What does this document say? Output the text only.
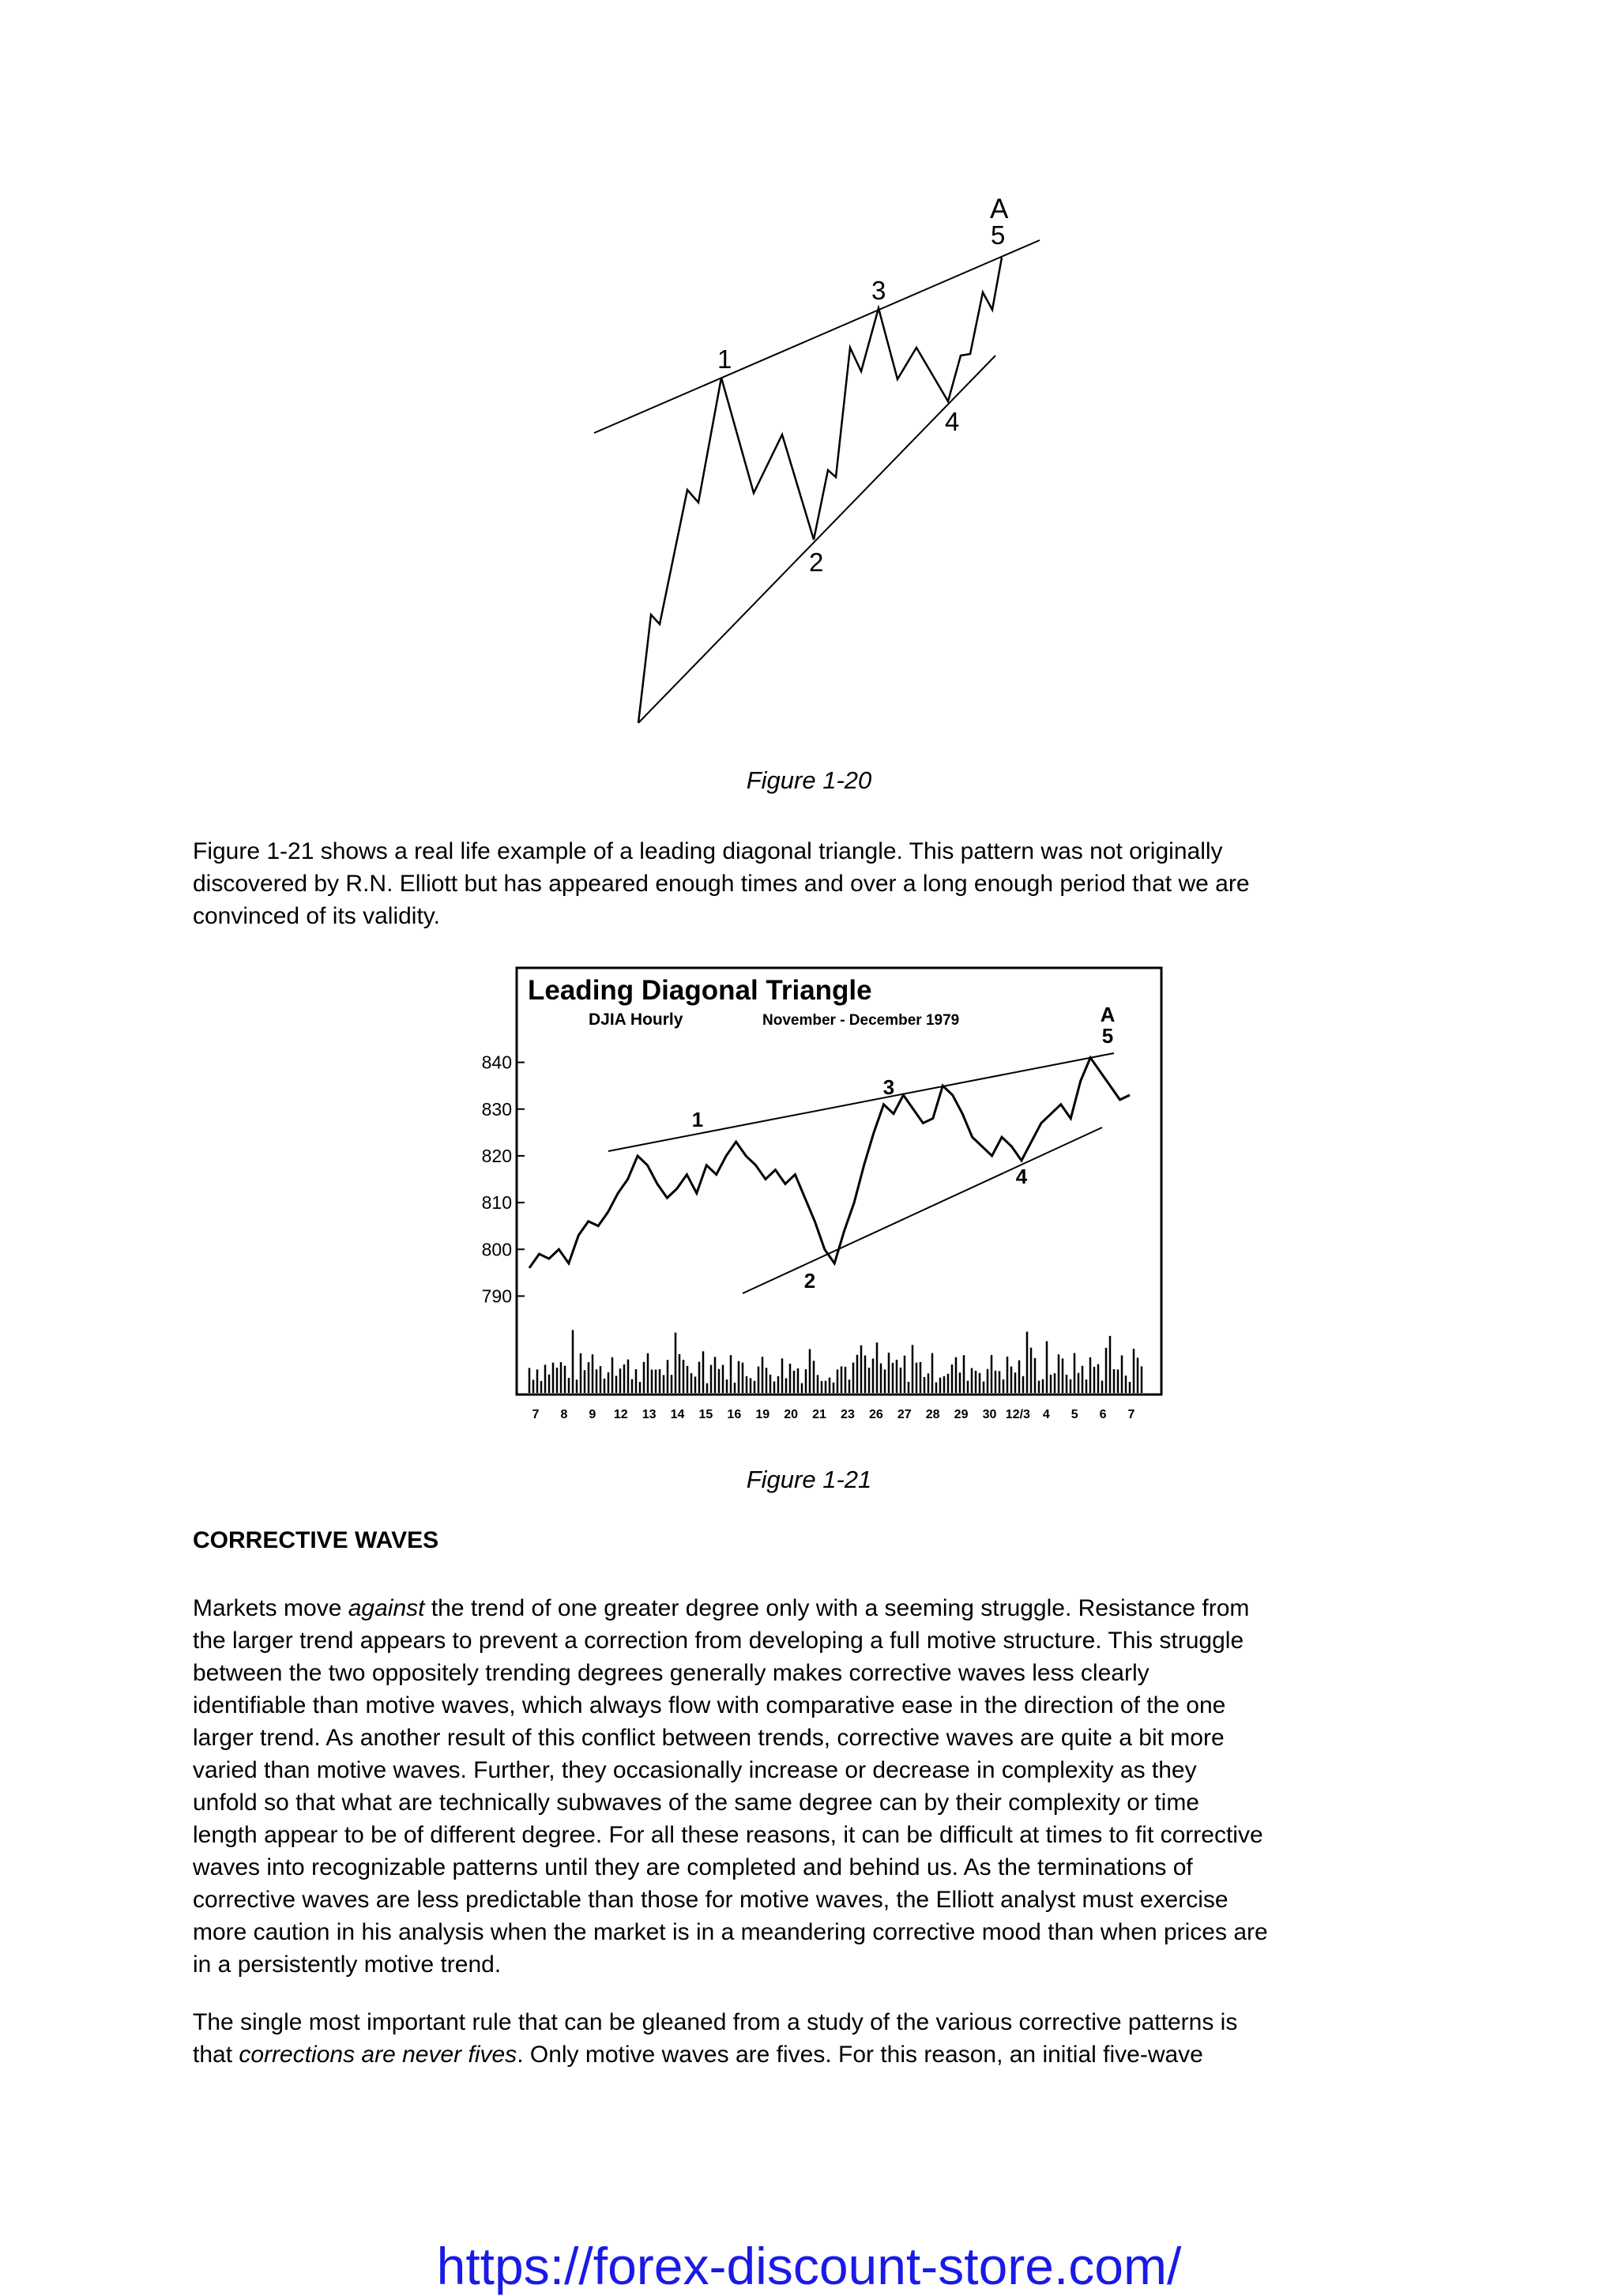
1
2
3
4
5
A
Figure 1-20

Figure 1-21 shows a real life example of a leading diagonal triangle. This pattern was not originally
discovered by R.N. Elliott but has appeared enough times and over a long enough period that we are
convinced of its validity.

Leading Diagonal Triangle
DJIA Hourly	November - December 1979
840
830
820
810
800
790
7 8 9 12 13 14 15 16 19 20 21 23 26 27 28 29 30 12/3 4 5 6 7
1
2
3
4
5
A
Figure 1-21
CORRECTIVE WAVES

Markets move against the trend of one greater degree only with a seeming struggle. Resistance from
the larger trend appears to prevent a correction from developing a full motive structure. This struggle
between the two oppositely trending degrees generally makes corrective waves less clearly
identifiable than motive waves, which always flow with comparative ease in the direction of the one
larger trend. As another result of this conflict between trends, corrective waves are quite a bit more
varied than motive waves. Further, they occasionally increase or decrease in complexity as they
unfold so that what are technically subwaves of the same degree can by their complexity or time
length appear to be of different degree. For all these reasons, it can be difficult at times to fit corrective
waves into recognizable patterns until they are completed and behind us. As the terminations of
corrective waves are less predictable than those for motive waves, the Elliott analyst must exercise
more caution in his analysis when the market is in a meandering corrective mood than when prices are
in a persistently motive trend.

The single most important rule that can be gleaned from a study of the various corrective patterns is
that corrections are never fives. Only motive waves are fives. For this reason, an initial five-wave

https://forex-discount-store.com/
